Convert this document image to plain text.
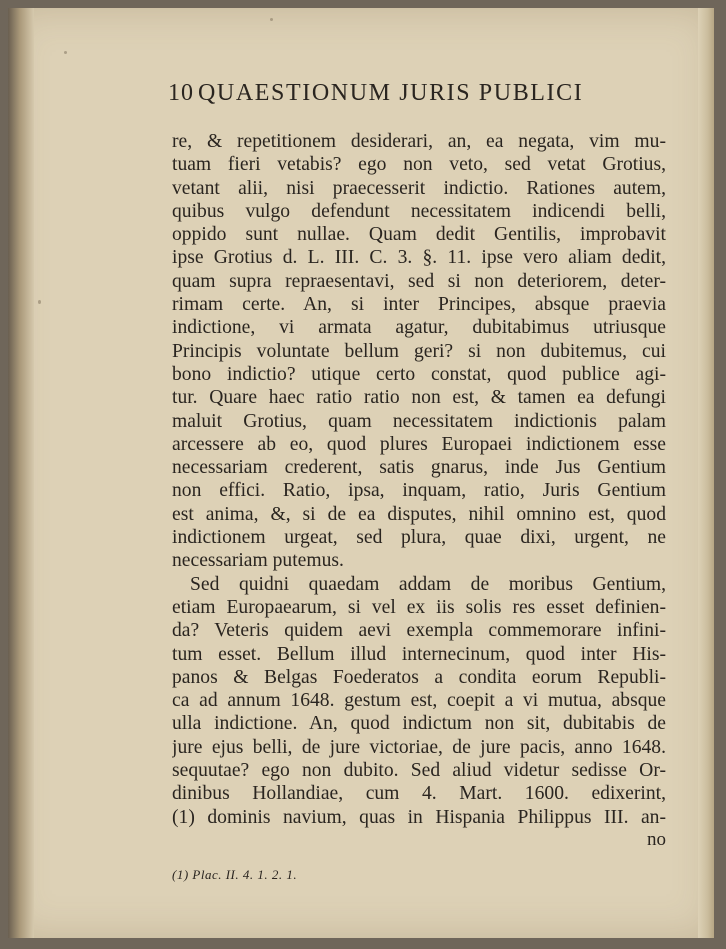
10 QUAESTIONUM JURIS PUBLICI
re, & repetitionem desiderari, an, ea negata, vim mu-
tuam fieri vetabis? ego non veto, sed vetat Grotius,
vetant alii, nisi praecesserit indictio. Rationes autem,
quibus vulgo defendunt necessitatem indicendi belli,
oppido sunt nullae. Quam dedit Gentilis, improbavit
ipse Grotius d. L. III. C. 3. §. 11. ipse vero aliam dedit,
quam supra repraesentavi, sed si non deteriorem, deter-
rimam certe. An, si inter Principes, absque praevia
indictione, vi armata agatur, dubitabimus utriusque
Principis voluntate bellum geri? si non dubitemus, cui
bono indictio? utique certo constat, quod publice agi-
tur. Quare haec ratio ratio non est, & tamen ea defungi
maluit Grotius, quam necessitatem indictionis palam
arcessere ab eo, quod plures Europaei indictionem esse
necessariam crederent, satis gnarus, inde Jus Gentium
non effici. Ratio, ipsa, inquam, ratio, Juris Gentium
est anima, &, si de ea disputes, nihil omnino est, quod
indictionem urgeat, sed plura, quae dixi, urgent, ne
necessariam putemus.
Sed quidni quaedam addam de moribus Gentium,
etiam Europaearum, si vel ex iis solis res esset definien-
da? Veteris quidem aevi exempla commemorare infini-
tum esset. Bellum illud internecinum, quod inter His-
panos & Belgas Foederatos a condita eorum Republi-
ca ad annum 1648. gestum est, coepit a vi mutua, absque
ulla indictione. An, quod indictum non sit, dubitabis de
jure ejus belli, de jure victoriae, de jure pacis, anno 1648.
sequutae? ego non dubito. Sed aliud videtur sedisse Or-
dinibus Hollandiae, cum 4. Mart. 1600. edixerint,
(1) dominis navium, quas in Hispania Philippus III. an-
no
(1) Plac. II. 4. 1. 2. 1.
